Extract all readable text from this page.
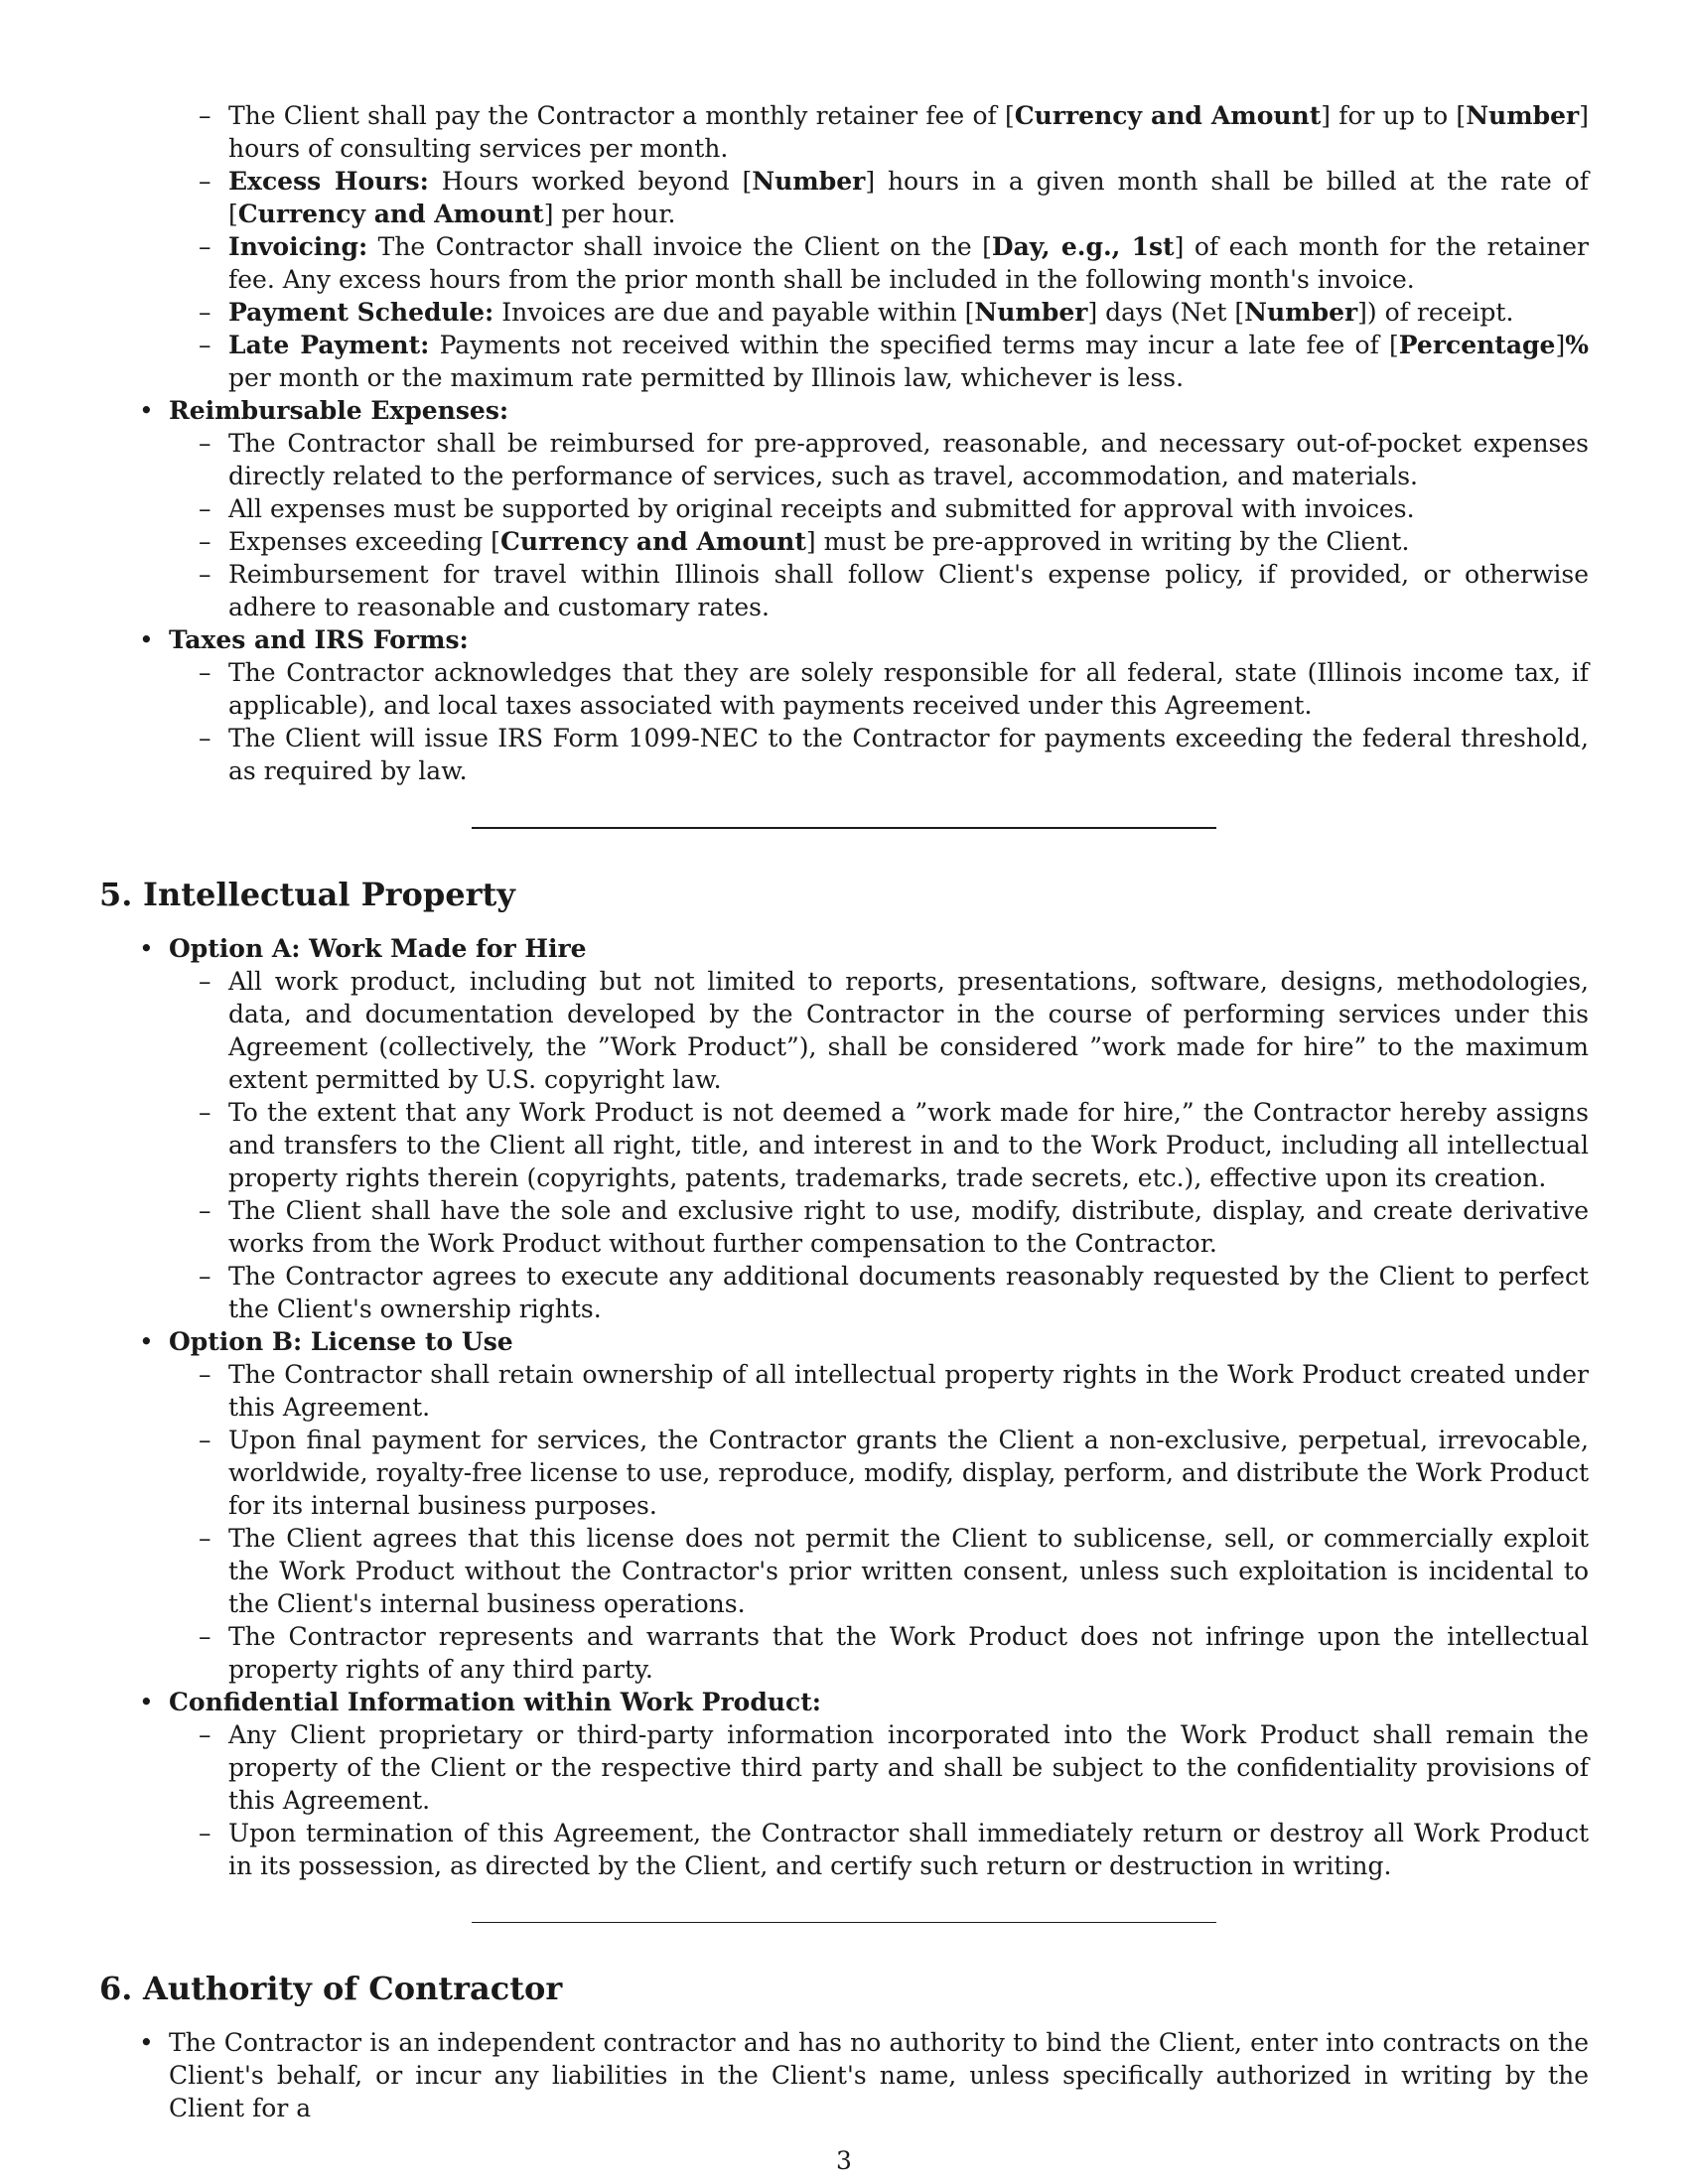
– The Client shall pay the Contractor a monthly retainer fee of [Currency and Amount] for up to [Number] hours of consulting services per month.
– Excess Hours: Hours worked beyond [Number] hours in a given month shall be billed at the rate of [Currency and Amount] per hour.
– Invoicing: The Contractor shall invoice the Client on the [Day, e.g., 1st] of each month for the retainer fee. Any excess hours from the prior month shall be included in the following month's invoice.
– Payment Schedule: Invoices are due and payable within [Number] days (Net [Number]) of receipt.
– Late Payment: Payments not received within the specified terms may incur a late fee of [Percentage]% per month or the maximum rate permitted by Illinois law, whichever is less.
• Reimbursable Expenses:
– The Contractor shall be reimbursed for pre-approved, reasonable, and necessary out-of-pocket expenses directly related to the performance of services, such as travel, accommodation, and materials.
– All expenses must be supported by original receipts and submitted for approval with invoices.
– Expenses exceeding [Currency and Amount] must be pre-approved in writing by the Client.
– Reimbursement for travel within Illinois shall follow Client's expense policy, if provided, or otherwise adhere to reasonable and customary rates.
• Taxes and IRS Forms:
– The Contractor acknowledges that they are solely responsible for all federal, state (Illinois income tax, if applicable), and local taxes associated with payments received under this Agreement.
– The Client will issue IRS Form 1099-NEC to the Contractor for payments exceeding the federal threshold, as required by law.
5. Intellectual Property
• Option A: Work Made for Hire
– All work product, including but not limited to reports, presentations, software, designs, methodologies, data, and documentation developed by the Contractor in the course of performing services under this Agreement (collectively, the ”Work Product”), shall be considered ”work made for hire” to the maximum extent permitted by U.S. copyright law.
– To the extent that any Work Product is not deemed a ”work made for hire,” the Contractor hereby assigns and transfers to the Client all right, title, and interest in and to the Work Product, including all intellectual property rights therein (copyrights, patents, trademarks, trade secrets, etc.), effective upon its creation.
– The Client shall have the sole and exclusive right to use, modify, distribute, display, and create derivative works from the Work Product without further compensation to the Contractor.
– The Contractor agrees to execute any additional documents reasonably requested by the Client to perfect the Client's ownership rights.
• Option B: License to Use
– The Contractor shall retain ownership of all intellectual property rights in the Work Product created under this Agreement.
– Upon final payment for services, the Contractor grants the Client a non-exclusive, perpetual, irrevocable, worldwide, royalty-free license to use, reproduce, modify, display, perform, and distribute the Work Product for its internal business purposes.
– The Client agrees that this license does not permit the Client to sublicense, sell, or commercially exploit the Work Product without the Contractor's prior written consent, unless such exploitation is incidental to the Client's internal business operations.
– The Contractor represents and warrants that the Work Product does not infringe upon the intellectual property rights of any third party.
• Confidential Information within Work Product:
– Any Client proprietary or third-party information incorporated into the Work Product shall remain the property of the Client or the respective third party and shall be subject to the confidentiality provisions of this Agreement.
– Upon termination of this Agreement, the Contractor shall immediately return or destroy all Work Product in its possession, as directed by the Client, and certify such return or destruction in writing.
6. Authority of Contractor
• The Contractor is an independent contractor and has no authority to bind the Client, enter into contracts on the Client's behalf, or incur any liabilities in the Client's name, unless specifically authorized in writing by the Client for a
3
